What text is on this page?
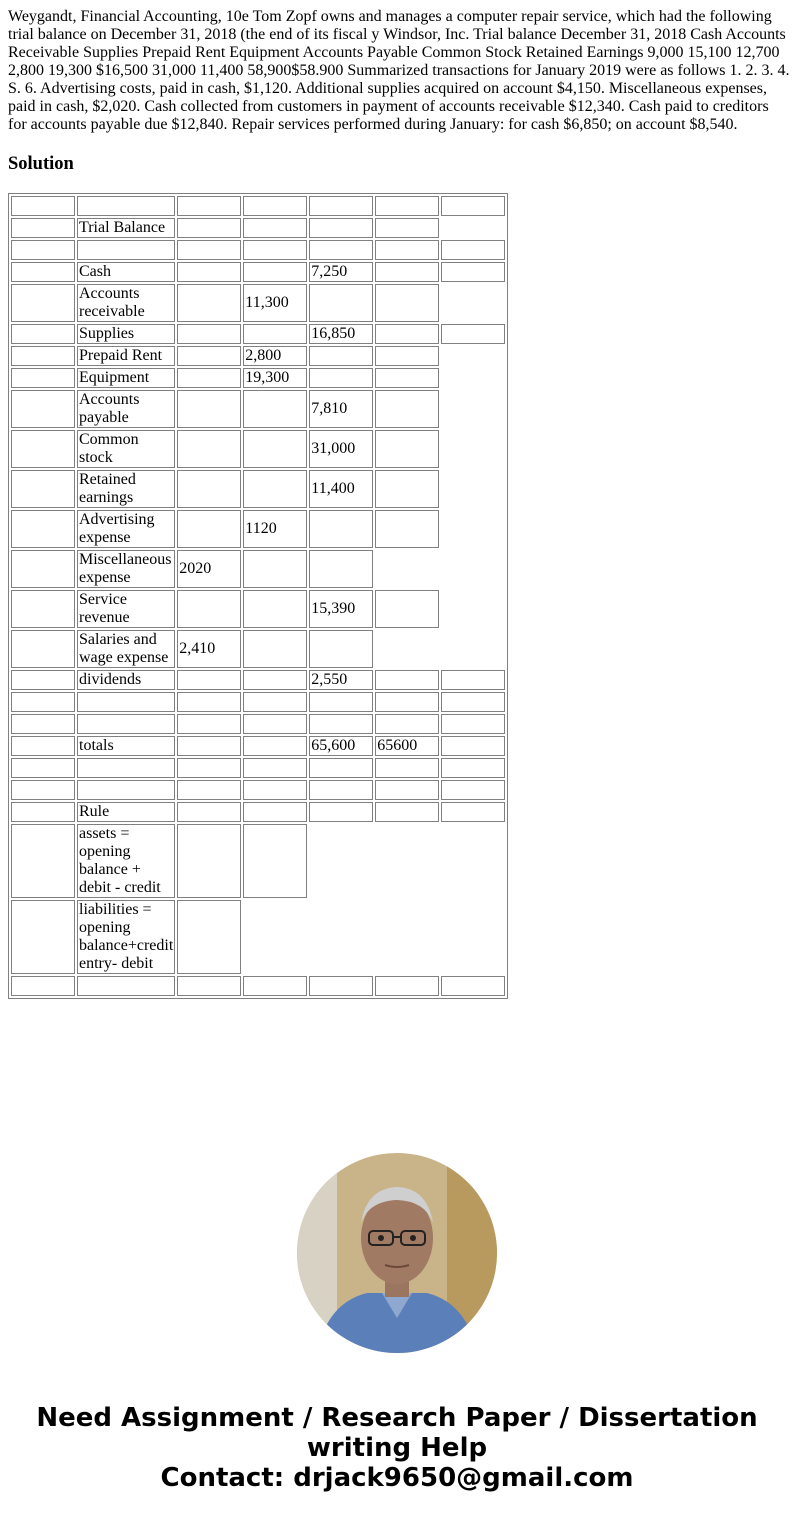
Weygandt, Financial Accounting, 10e Tom Zopf owns and manages a computer repair service, which had the following trial balance on December 31, 2018 (the end of its fiscal y Windsor, Inc. Trial balance December 31, 2018 Cash Accounts Receivable Supplies Prepaid Rent Equipment Accounts Payable Common Stock Retained Earnings 9,000 15,100 12,700 2,800 19,300 $16,500 31,000 11,400 58,900$58.900 Summarized transactions for January 2019 were as follows 1. 2. 3. 4. S. 6. Advertising costs, paid in cash, $1,120. Additional supplies acquired on account $4,150. Miscellaneous expenses, paid in cash, $2,020. Cash collected from customers in payment of accounts receivable $12,340. Cash paid to creditors for accounts payable due $12,840. Repair services performed during January: for cash $6,850; on account $8,540.

Solution

	Trial Balance					

	Cash			7,250		
	Accounts receivable		11,300			
	Supplies			16,850		
	Prepaid Rent		2,800			
	Equipment		19,300			
	Accounts payable			7,810		
	Common stock			31,000		
	Retained earnings			11,400		
	Advertising expense		1120			
	Miscellaneous expense	2020				
	Service revenue			15,390		
	Salaries and wage expense	2,410				
	dividends			2,550		

	totals			65,600	65600	

	Rule					
	assets = opening balance + debit - credit					
	liabilities = opening balance+credit entry- debit					

Need Assignment / Research Paper / Dissertation
writing Help
Contact: drjack9650@gmail.com
